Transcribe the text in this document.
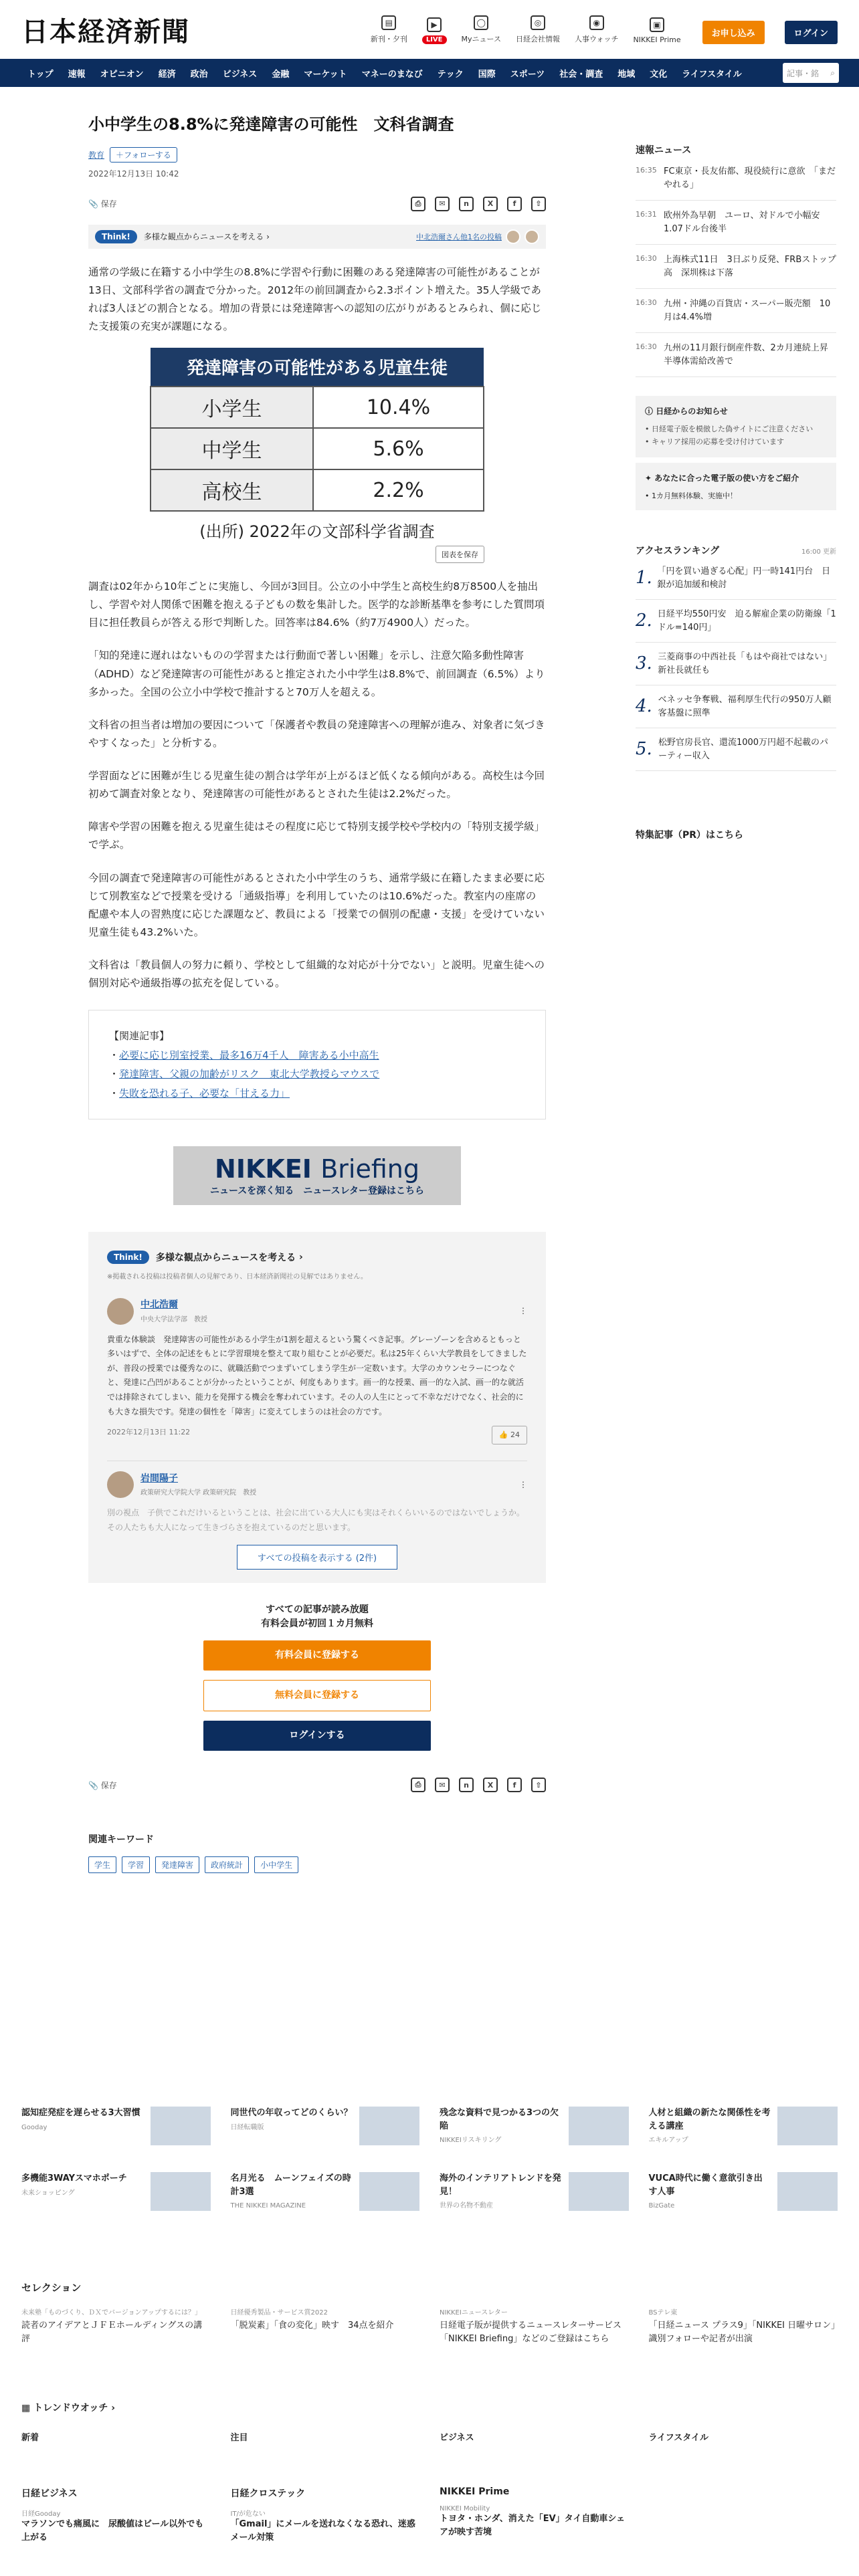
日本経済新聞	▤
新刊・夕刊
▶
LIVE
◯
Myニュース
◎
日経会社情報
◉
人事ウォッチ
▣
NIKKEI Prime
お申し込み	ログイン
トップ	速報	オピニオン	経済	政治	ビジネス	金融	マーケット	マネーのまなび	テック	国際	スポーツ	社会・調査	地域	文化	ライフスタイル	記事・銘 ⌕
小中学生の8.8%に発達障害の可能性　文科省調査
教育	＋フォローする
2022年12月13日 10:42
📎 保存	⎙	✉	n	X	f	⇧
Think!	多様な観点からニュースを考える ›	中北浩爾さん他1名の投稿

通常の学級に在籍する小中学生の8.8%に学習や行動に困難のある発達障害の可能性があることが13日、文部科学省の調査で分かった。2012年の前回調査から2.3ポイント増えた。35人学級であれば3人ほどの割合となる。増加の背景には発達障害への認知の広がりがあるとみられ、個に応じた支援策の充実が課題になる。

発達障害の可能性がある児童生徒	
小学生	10.4%
中学生	5.6%
高校生	2.2%
(出所) 2022年の文部科学省調査
図表を保存

調査は02年から10年ごとに実施し、今回が3回目。公立の小中学生と高校生約8万8500人を抽出し、学習や対人関係で困難を抱える子どもの数を集計した。医学的な診断基準を参考にした質問項目に担任教員らが答える形で判断した。回答率は84.6%（約7万4900人）だった。

「知的発達に遅れはないものの学習または行動面で著しい困難」を示し、注意欠陥多動性障害（ADHD）など発達障害の可能性があると推定された小中学生は8.8%で、前回調査（6.5%）より多かった。全国の公立小中学校で推計すると70万人を超える。

文科省の担当者は増加の要因について「保護者や教員の発達障害への理解が進み、対象者に気づきやすくなった」と分析する。

学習面などに困難が生じる児童生徒の割合は学年が上がるほど低くなる傾向がある。高校生は今回初めて調査対象となり、発達障害の可能性があるとされた生徒は2.2%だった。

障害や学習の困難を抱える児童生徒はその程度に応じて特別支援学校や学校内の「特別支援学級」で学ぶ。

今回の調査で発達障害の可能性があるとされた小中学生のうち、通常学級に在籍したまま必要に応じて別教室などで授業を受ける「通級指導」を利用していたのは10.6%だった。教室内の座席の配慮や本人の習熟度に応じた課題など、教員による「授業での個別の配慮・支援」を受けていない児童生徒も43.2%いた。

文科省は「教員個人の努力に頼り、学校として組織的な対応が十分でない」と説明。児童生徒への個別対応や通級指導の拡充を促している。

【関連記事】
・必要に応じ別室授業、最多16万4千人　障害ある小中高生
・発達障害、父親の加齢がリスク　東北大学教授らマウスで
・失敗を恐れる子、必要な「甘える力」
NIKKEI Briefing
ニュースを深く知る　ニュースレター登録はこちら
Think!	多様な観点からニュースを考える
›
※掲載される投稿は投稿者個人の見解であり、日本経済新聞社の見解ではありません。
中北浩爾
中央大学法学部　教授
⋮
貴重な体験談　発達障害の可能性がある小学生が1割を超えるという驚くべき記事。グレーゾーンを含めるともっと多いはずで、全体の記述をもとに学習環境を整えて取り組むことが必要だ。私は25年くらい大学教員をしてきましたが、普段の授業では優秀なのに、就職活動でつまずいてしまう学生が一定数います。大学のカウンセラーにつなぐと、発達に凸凹があることが分かったということが、何度もあります。画一的な授業、画一的な入試、画一的な就活では排除されてしまい、能力を発揮する機会を奪われています。その人の人生にとって不幸なだけでなく、社会的にも大きな損失です。発達の個性を「障害」に変えてしまうのは社会の方です。
2022年12月13日 11:22	👍 24
岩間陽子
政策研究大学院大学 政策研究院　教授
⋮
別の視点　子供でこれだけいるということは、社会に出ている大人にも実はそれくらいいるのではないでしょうか。その人たちも大人になって生きづらさを抱えているのだと思います。
すべての投稿を表示する (2件)
すべての記事が読み放題
有料会員が初回１カ月無料
有料会員に登録する
無料会員に登録する
ログインする
📎 保存	⎙	✉	n	X	f	⇧
関連キーワード
学生	学習	発達障害	政府統計	小中学生
速報ニュース
16:35 FC東京・長友佑都、現役続行に意欲　「まだやれる」
16:31 欧州外為早朝　ユーロ、対ドルで小幅安1.07ドル台後半
16:30 上海株式11日　3日ぶり反発、FRBストップ高　深圳株は下落
16:30 九州・沖縄の百貨店・スーパー販売額　10月は4.4%増
16:30 九州の11月銀行倒産件数、2カ月連続上昇　半導体需給改善で
ⓘ 日経からのお知らせ
• 日経電子版を模倣した偽サイトにご注意ください
• キャリア採用の応募を受け付けています
✦ あなたに合った電子版の使い方をご紹介
• 1カ月無料体験、実施中！
アクセスランキング	16:00 更新
1. 「円を買い過ぎる心配」円一時141円台　日銀が追加緩和検討
2. 日経平均550円安　迫る解雇企業の防衛線「1ドル=140円」
3. 三菱商事の中西社長「もはや商社ではない」　新社長就任も
4. ベネッセ争奪戦、福利厚生代行の950万人顧客基盤に照準
5. 松野官房長官、還流1000万円超不起載のパーティー収入
特集記事（PR）はこちら
認知症発症を遅らせる3大習慣
Gooday
同世代の年収ってどのくらい？
日経転職版
残念な資料で見つかる3つの欠陥
NIKKEIリスキリング
人材と組織の新たな関係性を考える講座
エキルアップ
多機能3WAYスマホポーチ
未来ショッピング
名月光る　ムーンフェイズの時計3選
THE NIKKEI MAGAZINE
海外のインテリアトレンドを発見！
世界の名物不動産
VUCA時代に働く意欲引き出す人事
BizGate
セレクション
未来塾「ものづくり、ＤＸでバージョンアップするには？」
読者のアイデアとＪＦＥホールディングスの講評
日経優秀製品・サービス賞2022
「脱炭素」「食の変化」映す　34点を紹介
NIKKEIニュースレター
日経電子版が提供するニュースレターサービス「NIKKEI Briefing」などのご登録はこちら
BSテレ東
「日経ニュース プラス9」「NIKKEI 日曜サロン」識別フォローや記者が出演
▦ トレンドウオッチ ›
新着	注目	ビジネス	ライフスタイル
日経ビジネス
日経Gooday
マラソンでも痛風に　尿酸値はビール以外でも上がる
日経クロステック
IT/が危ない
「Gmail」にメールを送れなくなる恐れ、迷惑メール対策
NIKKEI Prime
NIKKEI Mobility
トヨタ・ホンダ、消えた「EV」タイ自動車シェアが映す苦境
